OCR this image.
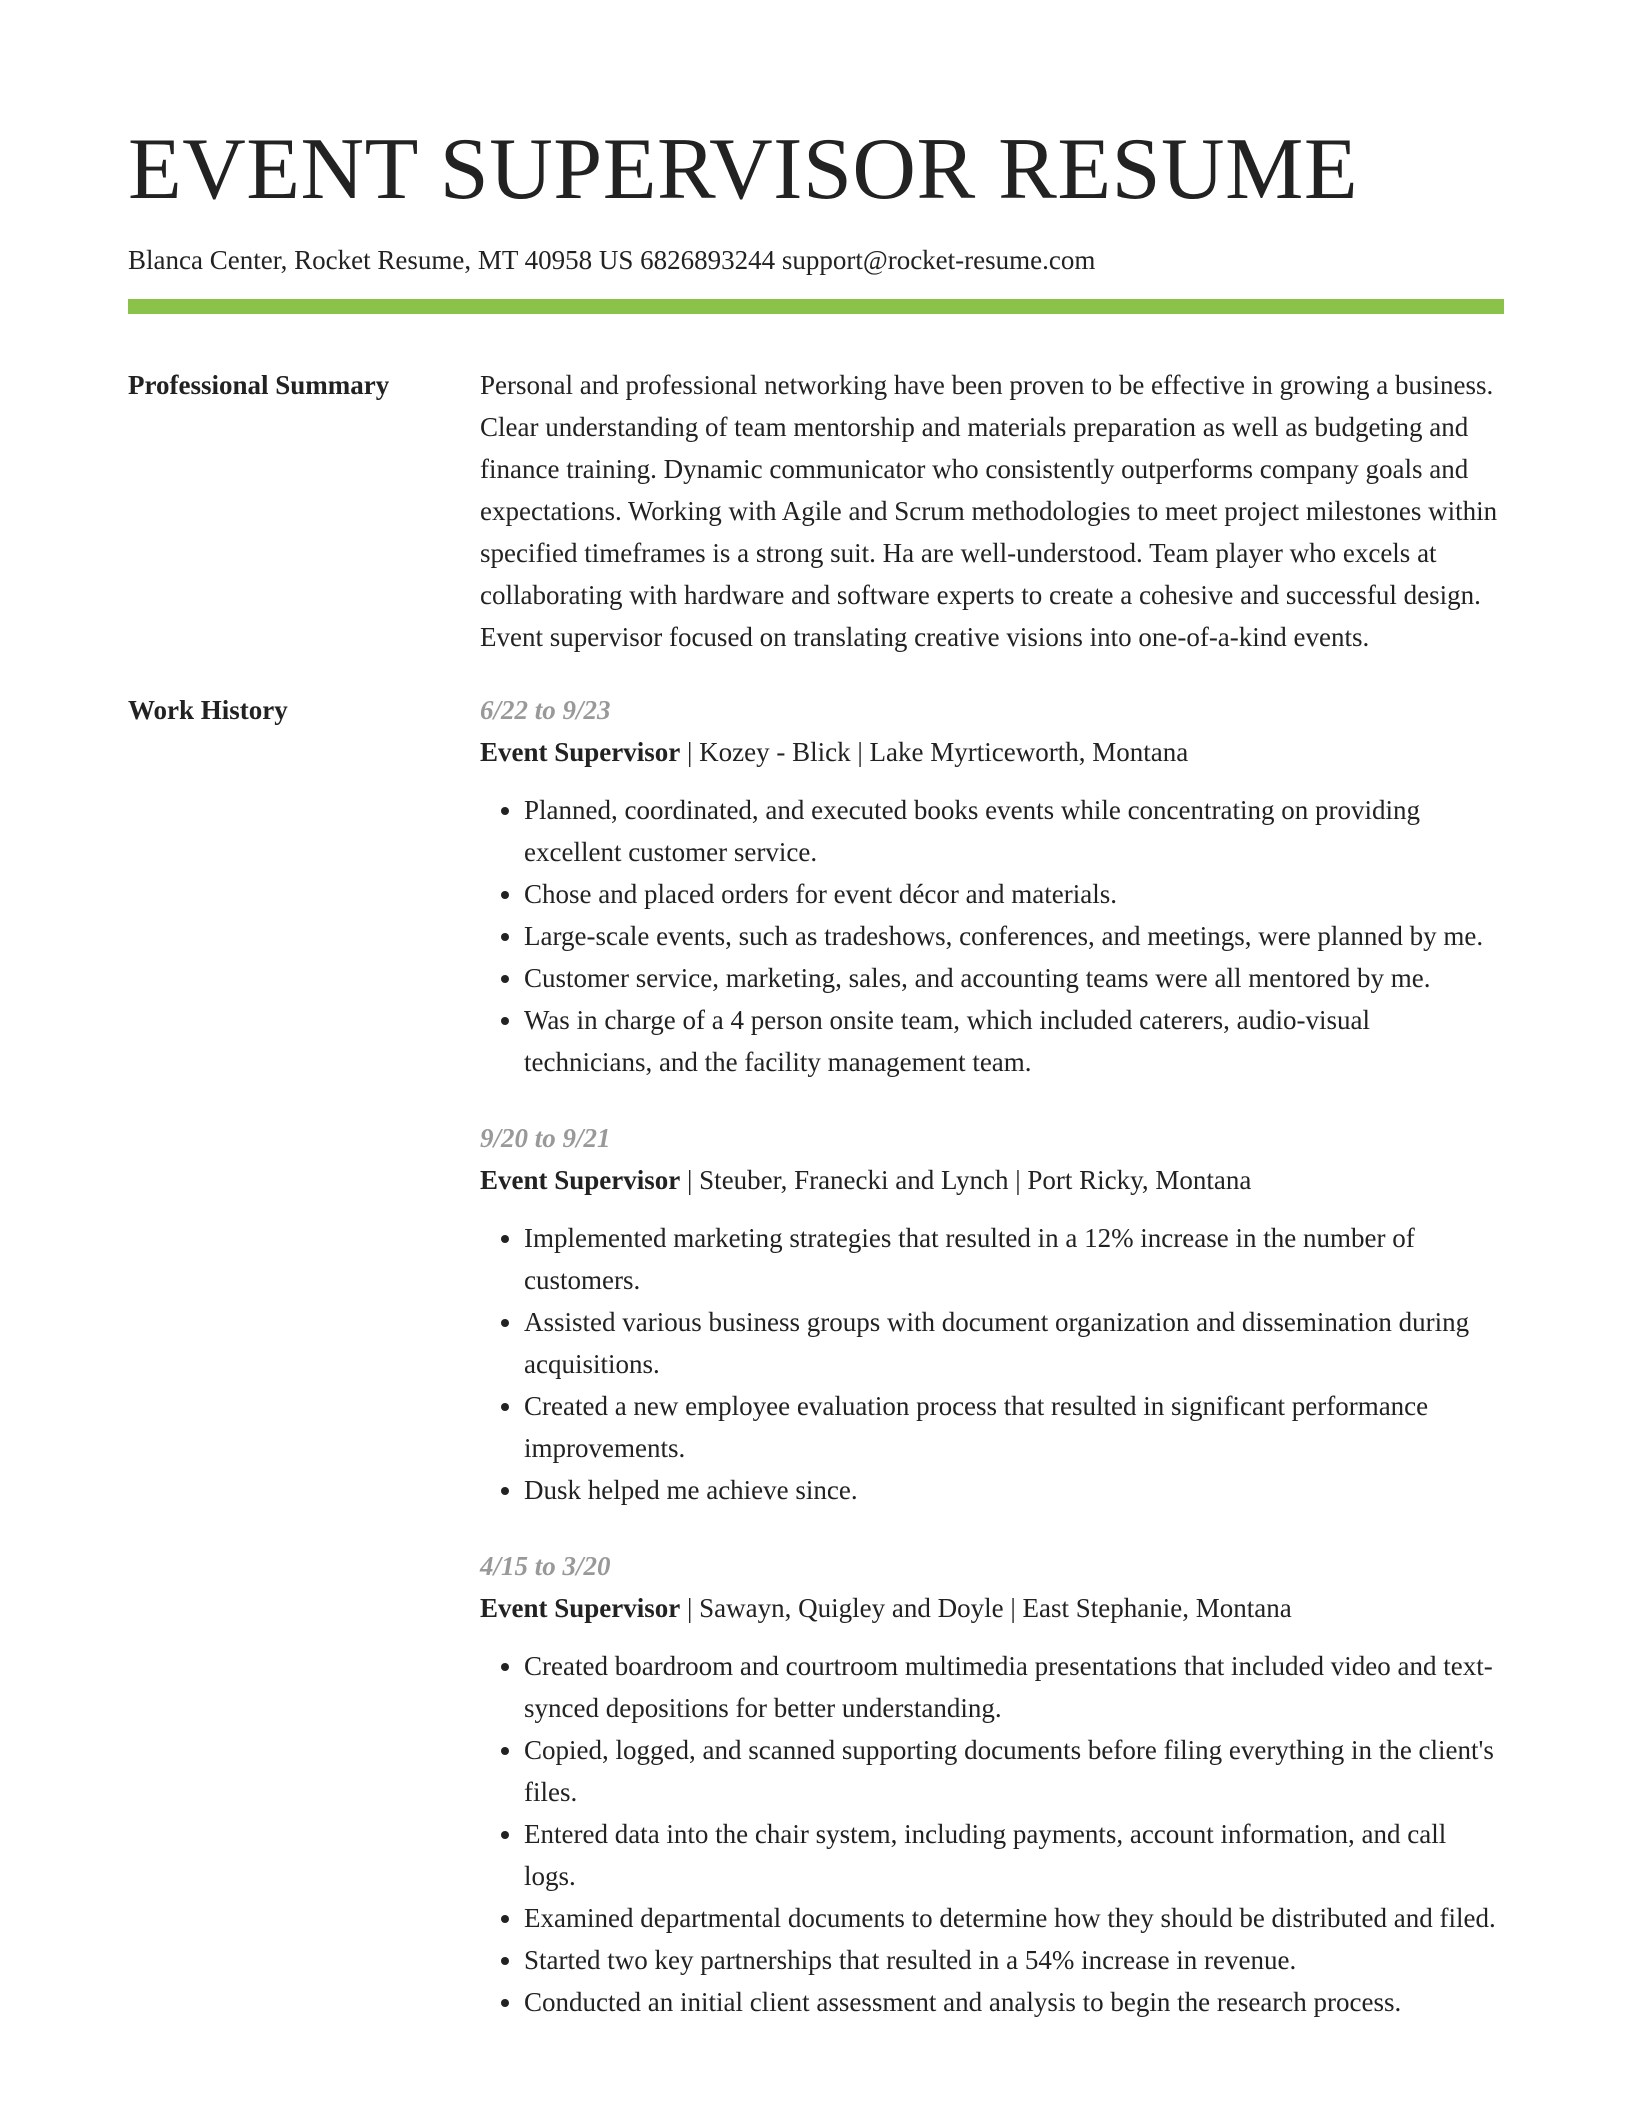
EVENT SUPERVISOR RESUME
Blanca Center, Rocket Resume, MT 40958 US 6826893244 support@rocket-resume.com
Professional Summary	Personal and professional networking have been proven to be effective in growing a business. Clear understanding of team mentorship and materials preparation as well as budgeting and finance training. Dynamic communicator who consistently outperforms company goals and expectations. Working with Agile and Scrum methodologies to meet project milestones within specified timeframes is a strong suit. Ha are well-understood. Team player who excels at collaborating with hardware and software experts to create a cohesive and successful design. Event supervisor focused on translating creative visions into one-of-a-kind events.

Work History	6/22 to 9/23
Event Supervisor | Kozey - Blick | Lake Myrticeworth, Montana
• Planned, coordinated, and executed books events while concentrating on providing excellent customer service.
• Chose and placed orders for event décor and materials.
• Large-scale events, such as tradeshows, conferences, and meetings, were planned by me.
• Customer service, marketing, sales, and accounting teams were all mentored by me.
• Was in charge of a 4 person onsite team, which included caterers, audio-visual technicians, and the facility management team.
9/20 to 9/21
Event Supervisor | Steuber, Franecki and Lynch | Port Ricky, Montana
• Implemented marketing strategies that resulted in a 12% increase in the number of customers.
• Assisted various business groups with document organization and dissemination during acquisitions.
• Created a new employee evaluation process that resulted in significant performance improvements.
• Dusk helped me achieve since.
4/15 to 3/20
Event Supervisor | Sawayn, Quigley and Doyle | East Stephanie, Montana
• Created boardroom and courtroom multimedia presentations that included video and text-synced depositions for better understanding.
• Copied, logged, and scanned supporting documents before filing everything in the client's files.
• Entered data into the chair system, including payments, account information, and call logs.
• Examined departmental documents to determine how they should be distributed and filed.
• Started two key partnerships that resulted in a 54% increase in revenue.
• Conducted an initial client assessment and analysis to begin the research process.
